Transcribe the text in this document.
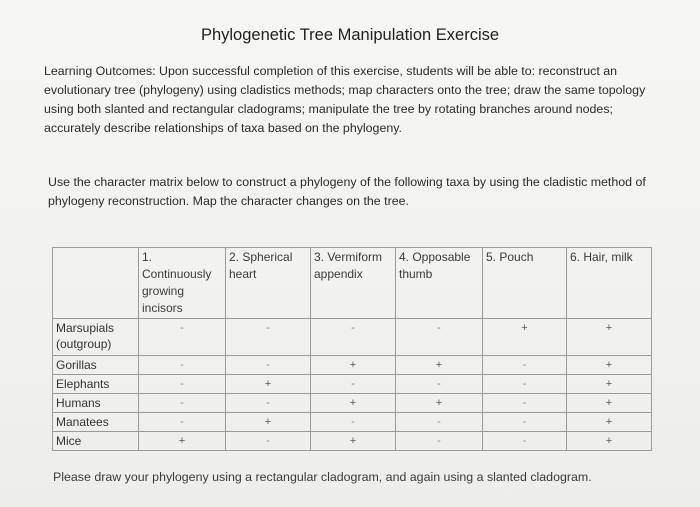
Phylogenetic Tree Manipulation Exercise
Learning Outcomes: Upon successful completion of this exercise, students will be able to: reconstruct an evolutionary tree (phylogeny) using cladistics methods; map characters onto the tree; draw the same topology using both slanted and rectangular cladograms; manipulate the tree by rotating branches around nodes; accurately describe relationships of taxa based on the phylogeny.
Use the character matrix below to construct a phylogeny of the following taxa by using the cladistic method of phylogeny reconstruction. Map the character changes on the tree.
	1. Continuously growing incisors	2. Spherical heart	3. Vermiform appendix	4. Opposable thumb	5. Pouch	6. Hair, milk
Marsupials (outgroup)	-	-	-	-	+	+
Gorillas	-	-	+	+	-	+
Elephants	-	+	-	-	-	+
Humans	-	-	+	+	-	+
Manatees	-	+	-	-	-	+
Mice	+	-	+	-	-	+
Please draw your phylogeny using a rectangular cladogram, and again using a slanted cladogram.
